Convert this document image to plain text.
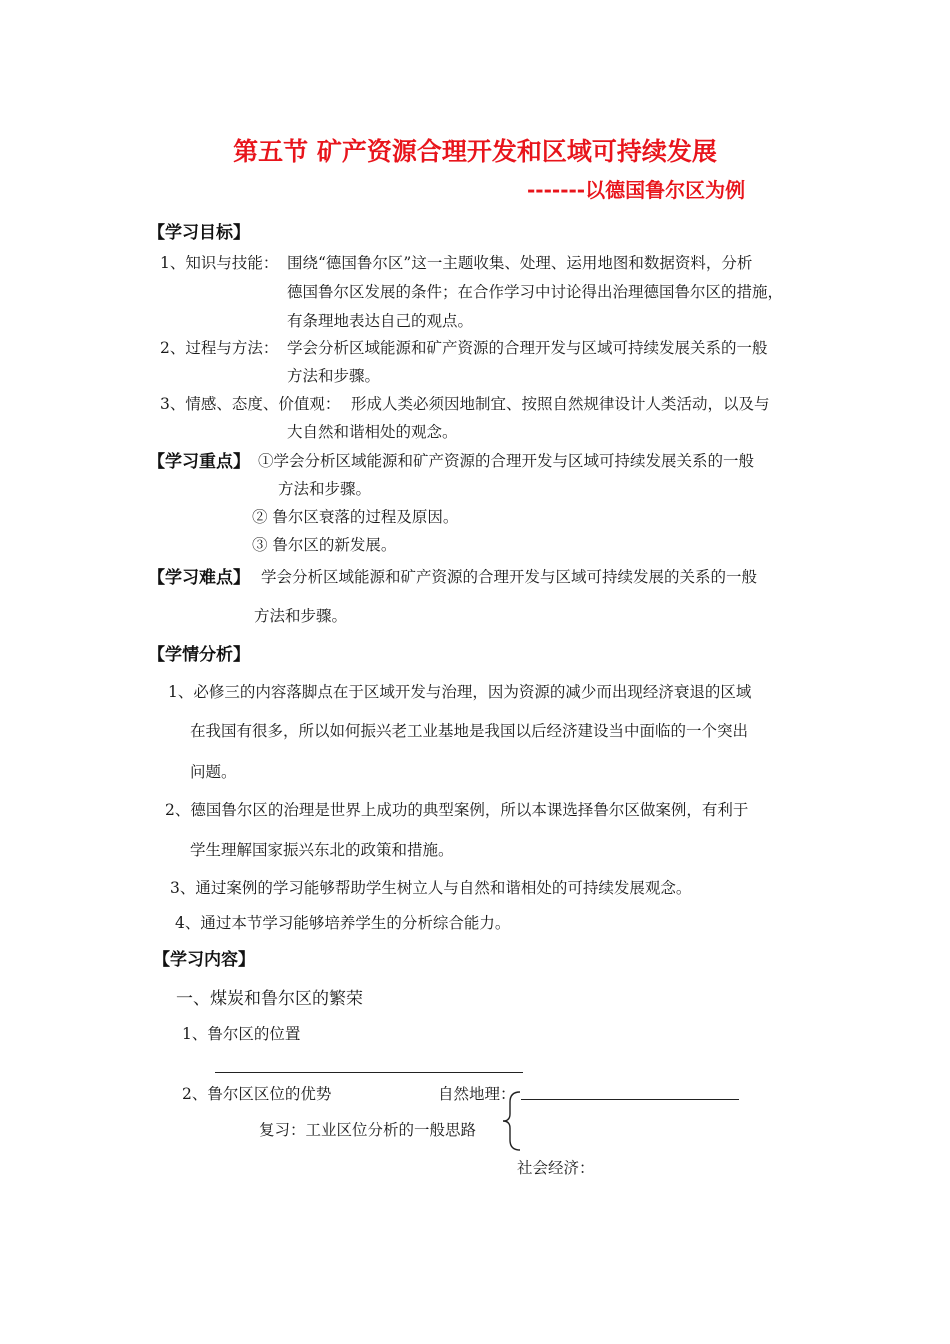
第五节 矿产资源合理开发和区域可持续发展
-------以德国鲁尔区为例
【学习目标】
1、知识与技能： 围绕“德国鲁尔区”这一主题收集、处理、运用地图和数据资料，分析
德国鲁尔区发展的条件；在合作学习中讨论得出治理德国鲁尔区的措施，
有条理地表达自己的观点。
2、过程与方法： 学会分析区域能源和矿产资源的合理开发与区域可持续发展关系的一般
方法和步骤。
3、情感、态度、价值观： 形成人类必须因地制宜、按照自然规律设计人类活动，以及与
大自然和谐相处的观念。
【学习重点】 ①学会分析区域能源和矿产资源的合理开发与区域可持续发展关系的一般
方法和步骤。
② 鲁尔区衰落的过程及原因。
③ 鲁尔区的新发展。
【学习难点】 学会分析区域能源和矿产资源的合理开发与区域可持续发展的关系的一般
方法和步骤。
【学情分析】
1、必修三的内容落脚点在于区域开发与治理，因为资源的减少而出现经济衰退的区域
在我国有很多，所以如何振兴老工业基地是我国以后经济建设当中面临的一个突出
问题。
2、德国鲁尔区的治理是世界上成功的典型案例，所以本课选择鲁尔区做案例，有利于
学生理解国家振兴东北的政策和措施。
3、通过案例的学习能够帮助学生树立人与自然和谐相处的可持续发展观念。
4、通过本节学习能够培养学生的分析综合能力。
【学习内容】
一、煤炭和鲁尔区的繁荣
1、鲁尔区的位置
2、鲁尔区区位的优势	自然地理：
复习：工业区位分析的一般思路
社会经济：
